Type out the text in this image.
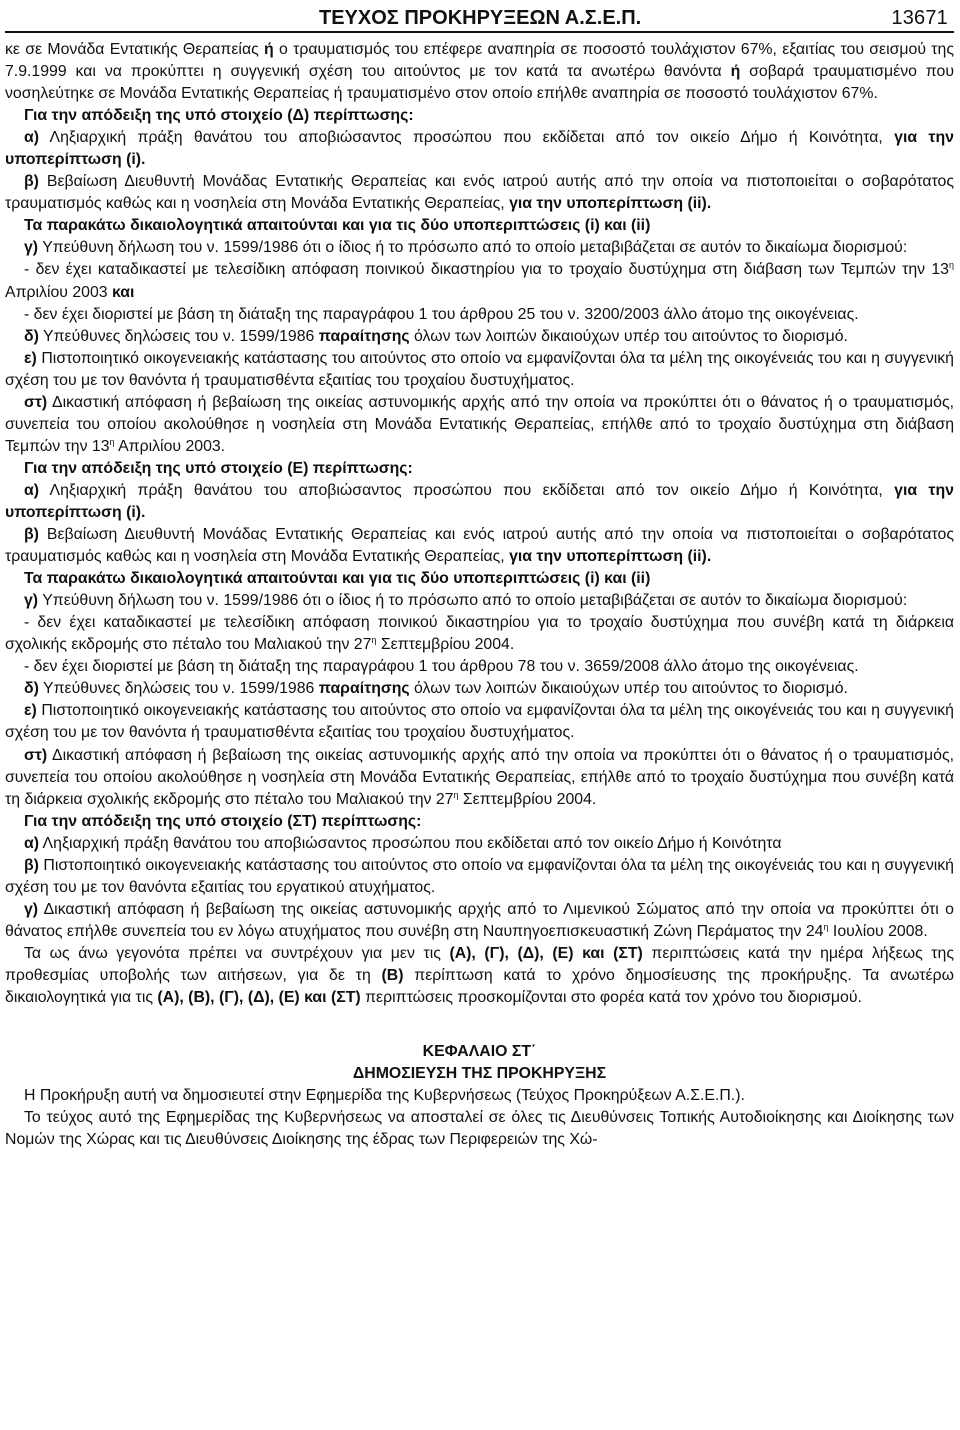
ΤΕΥΧΟΣ ΠΡΟΚΗΡΥΞΕΩΝ Α.Σ.Ε.Π.	13671

κε σε Μονάδα Εντατικής Θεραπείας ή ο τραυματισμός του επέφερε αναπηρία σε ποσοστό τουλάχιστον 67%, εξαιτίας του σεισμού της 7.9.1999 και να προκύπτει η συγγενική σχέση του αιτούντος με τον κατά τα ανωτέρω θανόντα ή σοβαρά τραυματισμένο που νοσηλεύτηκε σε Μονάδα Εντατικής Θεραπείας ή τραυματισμένο στον οποίο επήλθε αναπηρία σε ποσοστό τουλάχιστον 67%.

Για την απόδειξη της υπό στοιχείο (Δ) περίπτωσης:

α) Ληξιαρχική πράξη θανάτου του αποβιώσαντος προσώπου που εκδίδεται από τον οικείο Δήμο ή Κοινότητα, για την υποπερίπτωση (i).

β) Βεβαίωση Διευθυντή Μονάδας Εντατικής Θεραπείας και ενός ιατρού αυτής από την οποία να πιστοποιείται ο σοβαρότατος τραυματισμός καθώς και η νοσηλεία στη Μονάδα Εντατικής Θεραπείας, για την υποπερίπτωση (ii).

Τα παρακάτω δικαιολογητικά απαιτούνται και για τις δύο υποπεριπτώσεις (i) και (ii)

γ) Υπεύθυνη δήλωση του ν. 1599/1986 ότι ο ίδιος ή το πρόσωπο από το οποίο μεταβιβάζεται σε αυτόν το δικαίωμα διορισμού:

- δεν έχει καταδικαστεί με τελεσίδικη απόφαση ποινικού δικαστηρίου για το τροχαίο δυστύχημα στη διάβαση των Τεμπών την $13^\eta$ Απριλίου 2003 και

- δεν έχει διοριστεί με βάση τη διάταξη της παραγράφου 1 του άρθρου 25 του ν. 3200/2003 άλλο άτομο της οικογένειας.

δ) Υπεύθυνες δηλώσεις του ν. 1599/1986 παραίτησης όλων των λοιπών δικαιούχων υπέρ του αιτούντος το διορισμό.

ε) Πιστοποιητικό οικογενειακής κατάστασης του αιτούντος στο οποίο να εμφανίζονται όλα τα μέλη της οικογένειάς του και η συγγενική σχέση του με τον θανόντα ή τραυματισθέντα εξαιτίας του τροχαίου δυστυχήματος.

στ) Δικαστική απόφαση ή βεβαίωση της οικείας αστυνομικής αρχής από την οποία να προκύπτει ότι ο θάνατος ή ο τραυματισμός, συνεπεία του οποίου ακολούθησε η νοσηλεία στη Μονάδα Εντατικής Θεραπείας, επήλθε από το τροχαίο δυστύχημα στη διάβαση Τεμπών την $13^\eta$ Απριλίου 2003.

Για την απόδειξη της υπό στοιχείο (Ε) περίπτωσης:

α) Ληξιαρχική πράξη θανάτου του αποβιώσαντος προσώπου που εκδίδεται από τον οικείο Δήμο ή Κοινότητα, για την υποπερίπτωση (i).

β) Βεβαίωση Διευθυντή Μονάδας Εντατικής Θεραπείας και ενός ιατρού αυτής από την οποία να πιστοποιείται ο σοβαρότατος τραυματισμός καθώς και η νοσηλεία στη Μονάδα Εντατικής Θεραπείας, για την υποπερίπτωση (ii).

Τα παρακάτω δικαιολογητικά απαιτούνται και για τις δύο υποπεριπτώσεις (i) και (ii)

γ) Υπεύθυνη δήλωση του ν. 1599/1986 ότι ο ίδιος ή το πρόσωπο από το οποίο μεταβιβάζεται σε αυτόν το δικαίωμα διορισμού:

- δεν έχει καταδικαστεί με τελεσίδικη απόφαση ποινικού δικαστηρίου για το τροχαίο δυστύχημα που συνέβη κατά τη διάρκεια σχολικής εκδρομής στο πέταλο του Μαλιακού την $27^\eta$ Σεπτεμβρίου 2004.

- δεν έχει διοριστεί με βάση τη διάταξη της παραγράφου 1 του άρθρου 78 του ν. 3659/2008 άλλο άτομο της οικογένειας.

δ) Υπεύθυνες δηλώσεις του ν. 1599/1986 παραίτησης όλων των λοιπών δικαιούχων υπέρ του αιτούντος το διορισμό.

ε) Πιστοποιητικό οικογενειακής κατάστασης του αιτούντος στο οποίο να εμφανίζονται όλα τα μέλη της οικογένειάς του και η συγγενική σχέση του με τον θανόντα ή τραυματισθέντα εξαιτίας του τροχαίου δυστυχήματος.

στ) Δικαστική απόφαση ή βεβαίωση της οικείας αστυνομικής αρχής από την οποία να προκύπτει ότι ο θάνατος ή ο τραυματισμός, συνεπεία του οποίου ακολούθησε η νοσηλεία στη Μονάδα Εντατικής Θεραπείας, επήλθε από το τροχαίο δυστύχημα που συνέβη κατά τη διάρκεια σχολικής εκδρομής στο πέταλο του Μαλιακού την $27^\eta$ Σεπτεμβρίου 2004.

Για την απόδειξη της υπό στοιχείο (ΣΤ) περίπτωσης:

α) Ληξιαρχική πράξη θανάτου του αποβιώσαντος προσώπου που εκδίδεται από τον οικείο Δήμο ή Κοινότητα

β) Πιστοποιητικό οικογενειακής κατάστασης του αιτούντος στο οποίο να εμφανίζονται όλα τα μέλη της οικογένειάς του και η συγγενική σχέση του με τον θανόντα εξαιτίας του εργατικού ατυχήματος.

γ) Δικαστική απόφαση ή βεβαίωση της οικείας αστυνομικής αρχής από το Λιμενικού Σώματος από την οποία να προκύπτει ότι ο θάνατος επήλθε συνεπεία του εν λόγω ατυχήματος που συνέβη στη Ναυπηγοεπισκευαστική Ζώνη Περάματος την $24^\eta$ Ιουλίου 2008.

Τα ως άνω γεγονότα πρέπει να συντρέχουν για μεν τις (Α), (Γ), (Δ), (Ε) και (ΣΤ) περιπτώσεις κατά την ημέρα λήξεως της προθεσμίας υποβολής των αιτήσεων, για δε τη (Β) περίπτωση κατά το χρόνο δημοσίευσης της προκήρυξης. Τα ανωτέρω δικαιολογητικά για τις (Α), (Β), (Γ), (Δ), (Ε) και (ΣΤ) περιπτώσεις προσκομίζονται στο φορέα κατά τον χρόνο του διορισμού.

ΚΕΦΑΛΑΙΟ ΣΤ΄

ΔΗΜΟΣΙΕΥΣΗ ΤΗΣ ΠΡΟΚΗΡΥΞΗΣ

Η Προκήρυξη αυτή να δημοσιευτεί στην Εφημερίδα της Κυβερνήσεως (Τεύχος Προκηρύξεων Α.Σ.Ε.Π.).

Το τεύχος αυτό της Εφημερίδας της Κυβερνήσεως να αποσταλεί σε όλες τις Διευθύνσεις Τοπικής Αυτοδιοίκησης και Διοίκησης των Νομών της Χώρας και τις Διευθύνσεις Διοίκησης της έδρας των Περιφερειών της Χώ-
